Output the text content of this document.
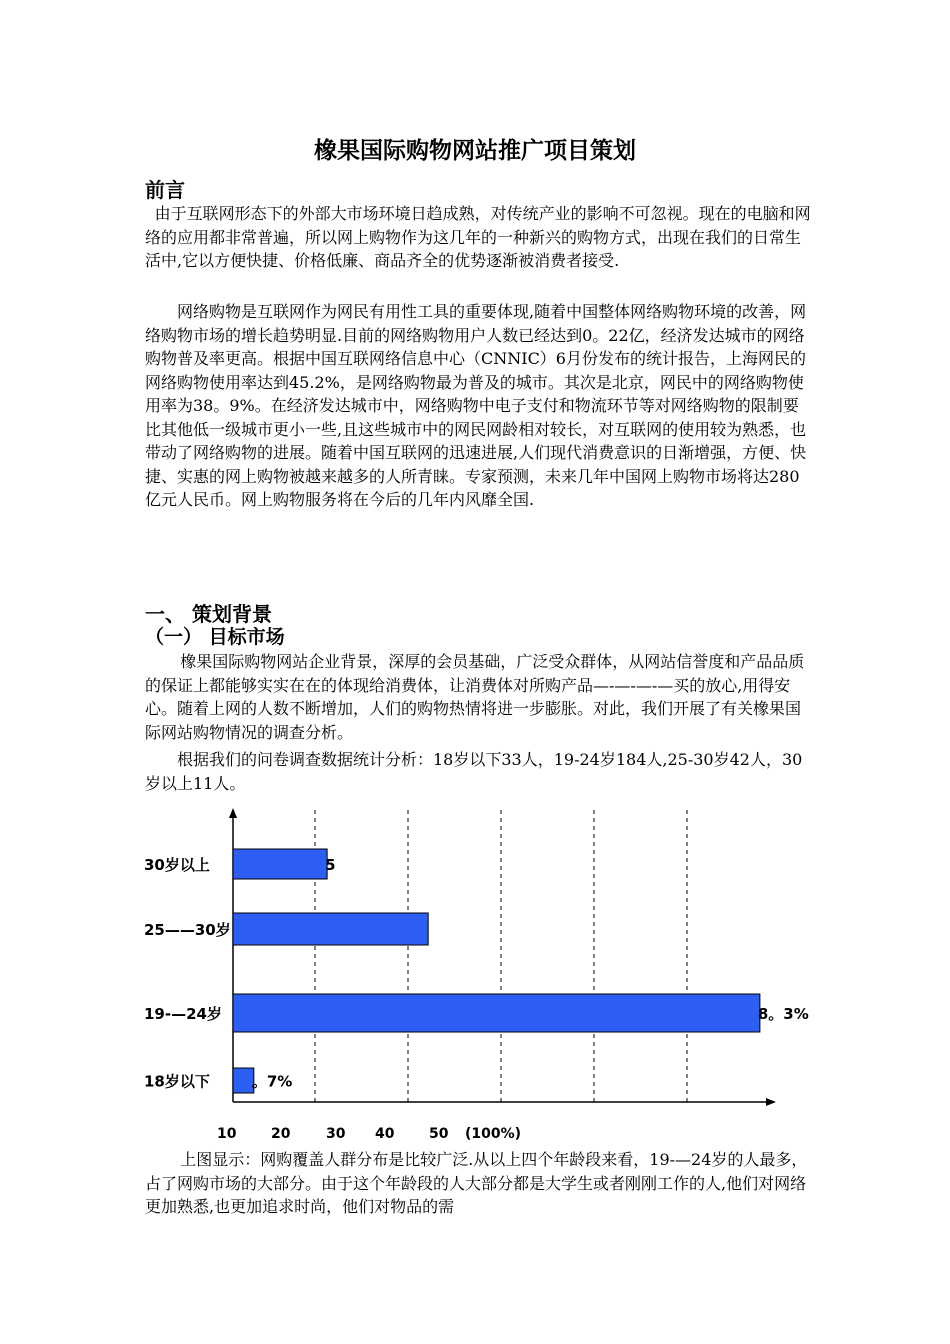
橡果国际购物网站推广项目策划
前言

由于互联网形态下的外部大市场环境日趋成熟，对传统产业的影响不可忽视。现在的电脑和网络的应用都非常普遍，所以网上购物作为这几年的一种新兴的购物方式，出现在我们的日常生活中,它以方便快捷、价格低廉、商品齐全的优势逐渐被消费者接受.

网络购物是互联网作为网民有用性工具的重要体现,随着中国整体网络购物环境的改善，网络购物市场的增长趋势明显.目前的网络购物用户人数已经达到0。22亿，经济发达城市的网络购物普及率更高。根据中国互联网络信息中心（CNNIC）6月份发布的统计报告，上海网民的网络购物使用率达到45.2%，是网络购物最为普及的城市。其次是北京，网民中的网络购物使用率为38。9%。在经济发达城市中，网络购物中电子支付和物流环节等对网络购物的限制要比其他低一级城市更小一些,且这些城市中的网民网龄相对较长，对互联网的使用较为熟悉，也带动了网络购物的进展。随着中国互联网的迅速进展,人们现代消费意识的日渐增强，方便、快捷、实惠的网上购物被越来越多的人所青睐。专家预测，未来几年中国网上购物市场将达280亿元人民币。网上购物服务将在今后的几年内风靡全国.

一、 策划背景
（一） 目标市场

橡果国际购物网站企业背景，深厚的会员基础，广泛受众群体，从网站信誉度和产品品质的保证上都能够实实在在的体现给消费体，让消费体对所购产品—-—-—-—买的放心,用得安心。随着上网的人数不断增加，人们的购物热情将进一步膨胀。对此，我们开展了有关橡果国际网站购物情况的调查分析。

根据我们的问卷调查数据统计分析：18岁以下33人，19-24岁184人,25-30岁42人，30岁以上11人。

30岁以上	5
25——30岁
19-—24岁	8。3%
18岁以下	。7%
10 20	30 40 50 (100%)

上图显示：网购覆盖人群分布是比较广泛.从以上四个年龄段来看，19-—24岁的人最多，占了网购市场的大部分。由于这个年龄段的人大部分都是大学生或者刚刚工作的人,他们对网络更加熟悉,也更加追求时尚，他们对物品的需
